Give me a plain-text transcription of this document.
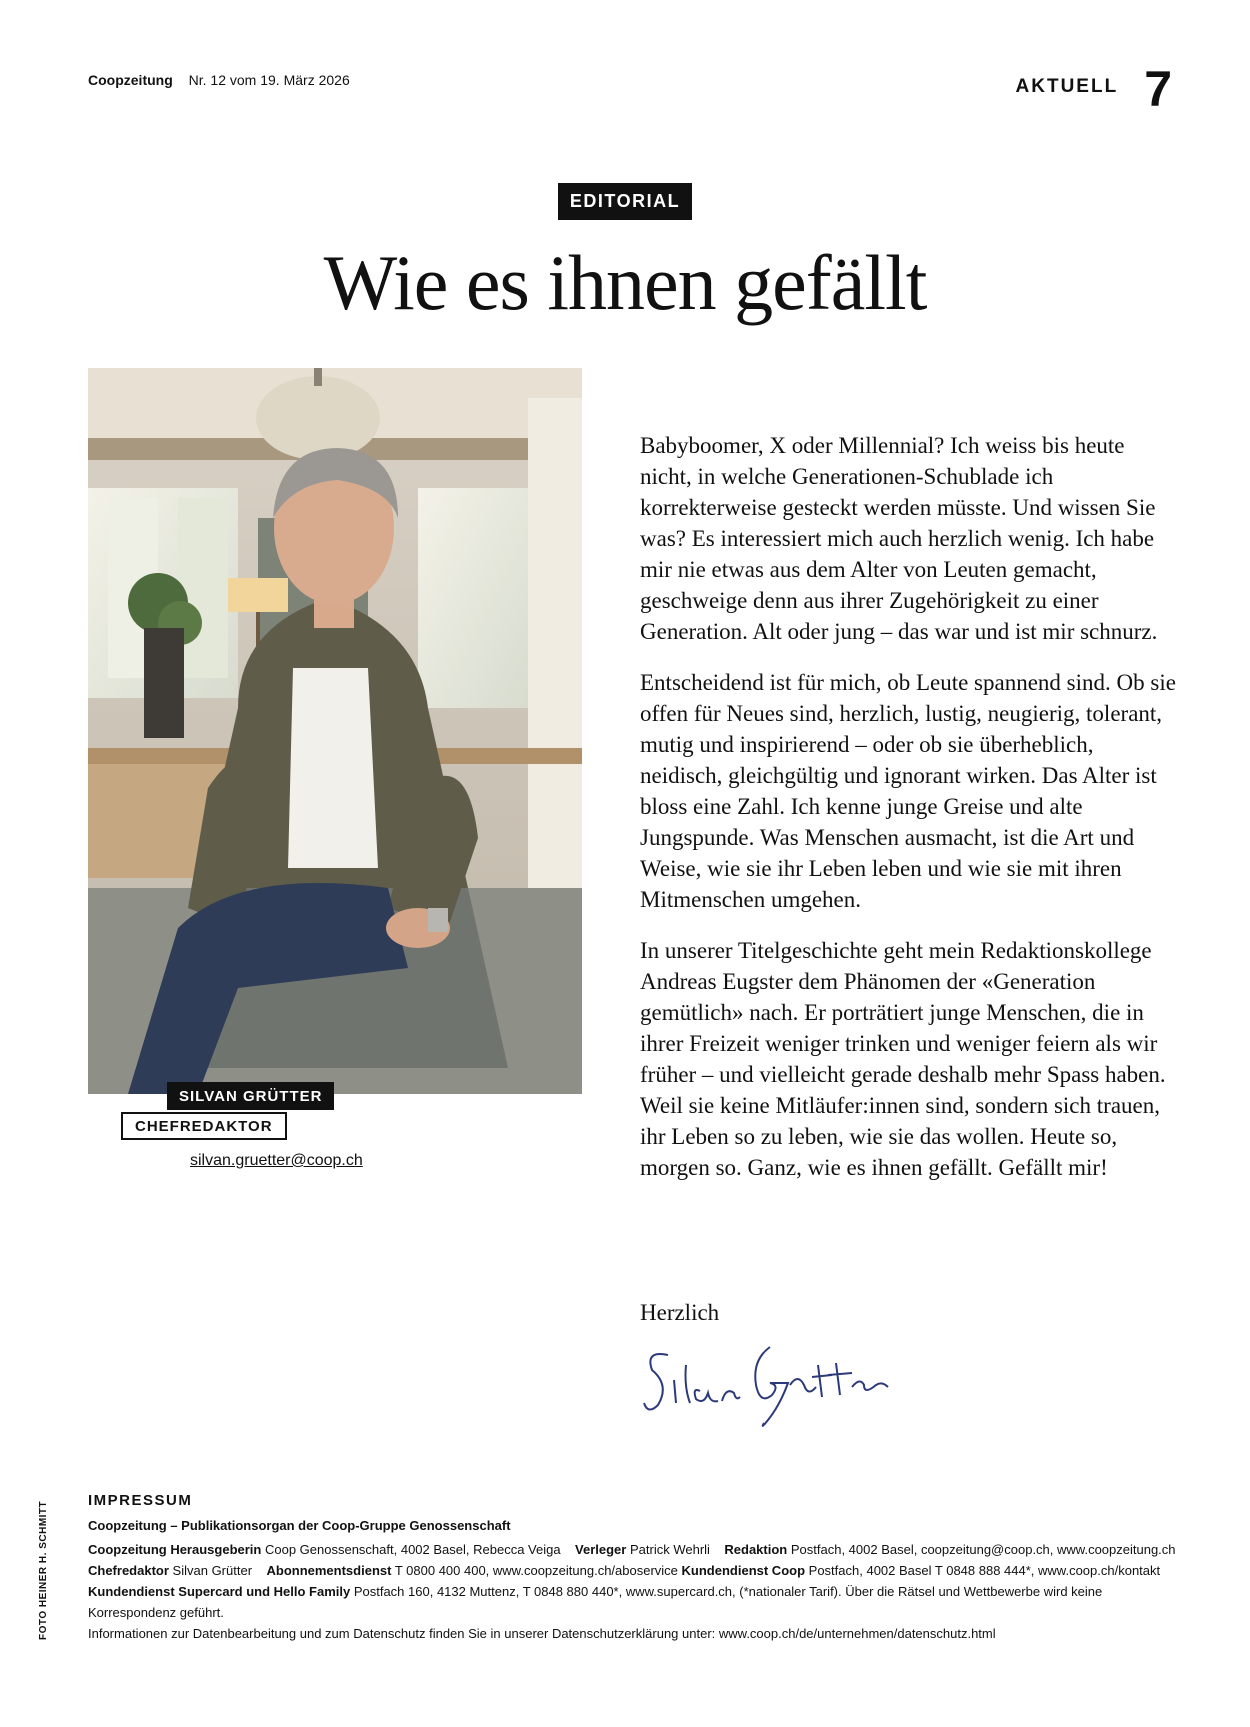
Coopzeitung Nr. 12 vom 19. März 2026	AKTUELL 7
EDITORIAL
Wie es ihnen gefällt
SILVAN GRÜTTER
CHEFREDAKTOR
silvan.gruetter@coop.ch

Babyboomer, X oder Millennial? Ich weiss bis heute nicht, in welche Generationen-Schublade ich korrekterweise gesteckt werden müsste. Und wissen Sie was? Es interessiert mich auch herzlich wenig. Ich habe mir nie etwas aus dem Alter von Leuten gemacht, geschweige denn aus ihrer Zugehörigkeit zu einer Generation. Alt oder jung – das war und ist mir schnurz.

Entscheidend ist für mich, ob Leute spannend sind. Ob sie offen für Neues sind, herzlich, lustig, neugierig, tolerant, mutig und inspirierend – oder ob sie überheblich, neidisch, gleichgültig und ignorant wirken. Das Alter ist bloss eine Zahl. Ich kenne junge Greise und alte Jungspunde. Was Menschen ausmacht, ist die Art und Weise, wie sie ihr Leben leben und wie sie mit ihren Mitmenschen umgehen.

In unserer Titelgeschichte geht mein Redaktionskollege Andreas Eugster dem Phänomen der «Generation gemütlich» nach. Er porträtiert junge Menschen, die in ihrer Freizeit weniger trinken und weniger feiern als wir früher – und vielleicht gerade deshalb mehr Spass haben. Weil sie keine Mitläufer:innen sind, sondern sich trauen, ihr Leben so zu leben, wie sie das wollen. Heute so, morgen so. Ganz, wie es ihnen gefällt. Gefällt mir!

Herzlich
FOTO HEINER H. SCHMITT
IMPRESSUM
Coopzeitung – Publikationsorgan der Coop-Gruppe Genossenschaft
Coopzeitung Herausgeberin Coop Genossenschaft, 4002 Basel, Rebecca Veiga Verleger Patrick Wehrli Redaktion Postfach, 4002 Basel, coopzeitung@coop.ch, www.coopzeitung.ch    Chefredaktor Silvan Grütter Abonnementsdienst T 0800 400 400, www.coopzeitung.ch/aboservice Kundendienst Coop Postfach, 4002 Basel T 0848 888 444*, www.coop.ch/kontakt    Kundendienst Supercard und Hello Family Postfach 160, 4132 Muttenz, T 0848 880 440*, www.supercard.ch, (*nationaler Tarif). Über die Rätsel und Wettbewerbe wird keine Korrespondenz geführt.
Informationen zur Datenbearbeitung und zum Datenschutz finden Sie in unserer Datenschutzerklärung unter: www.coop.ch/de/unternehmen/datenschutz.html
